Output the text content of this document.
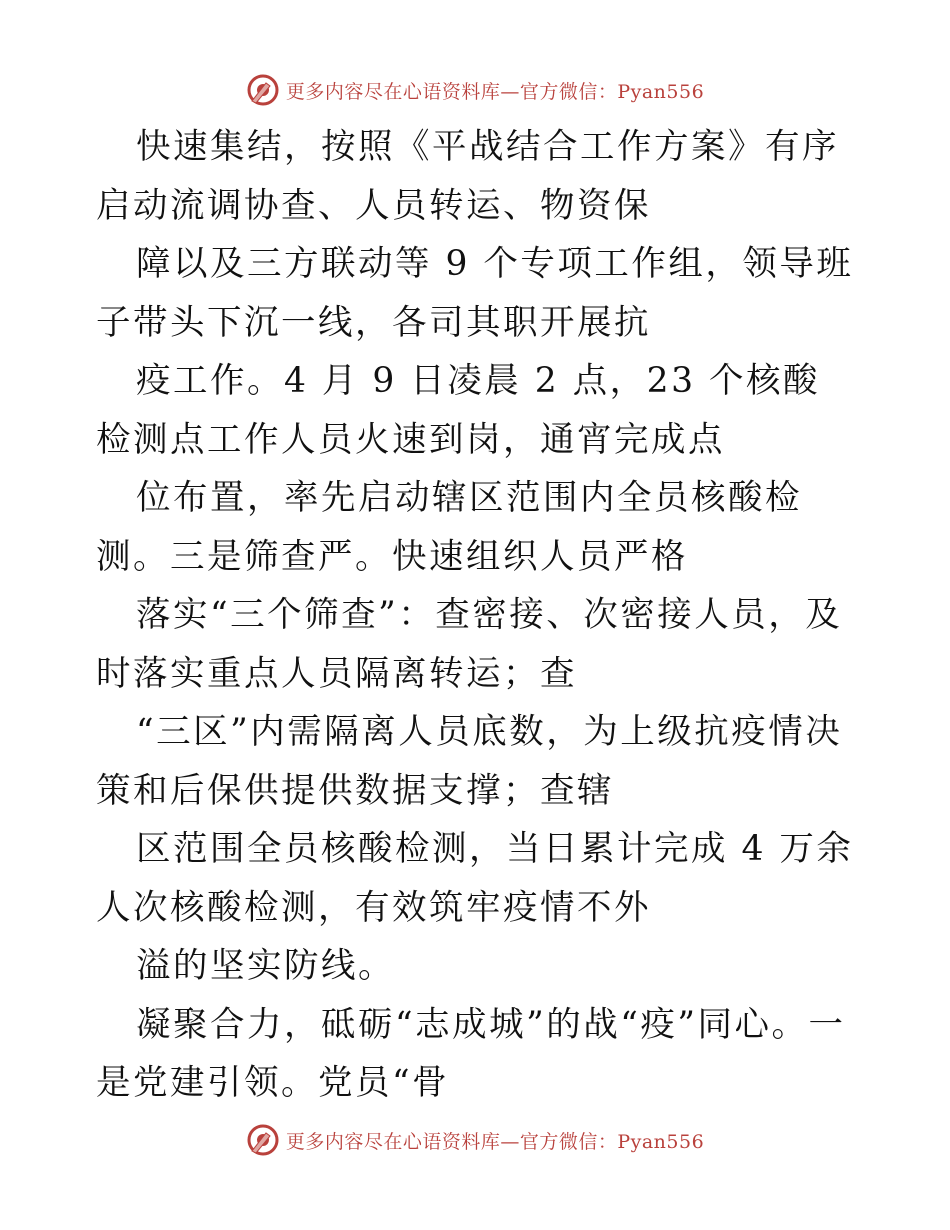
更多内容尽在心语资料库—官方微信：Pyan556

快速集结，按照《平战结合工作方案》有序启动流调协查、人员转运、物资保

障以及三方联动等 9 个专项工作组，领导班子带头下沉一线，各司其职开展抗

疫工作。4 月 9 日凌晨 2 点，23 个核酸检测点工作人员火速到岗，通宵完成点

位布置，率先启动辖区范围内全员核酸检测。三是筛查严。快速组织人员严格

落实“三个筛查”：查密接、次密接人员，及时落实重点人员隔离转运；查

“三区”内需隔离人员底数，为上级抗疫情决策和后保供提供数据支撑；查辖

区范围全员核酸检测，当日累计完成 4 万余人次核酸检测，有效筑牢疫情不外

溢的坚实防线。

凝聚合力，砥砺“志成城”的战“疫”同心。一是党建引领。党员“骨

更多内容尽在心语资料库—官方微信：Pyan556
